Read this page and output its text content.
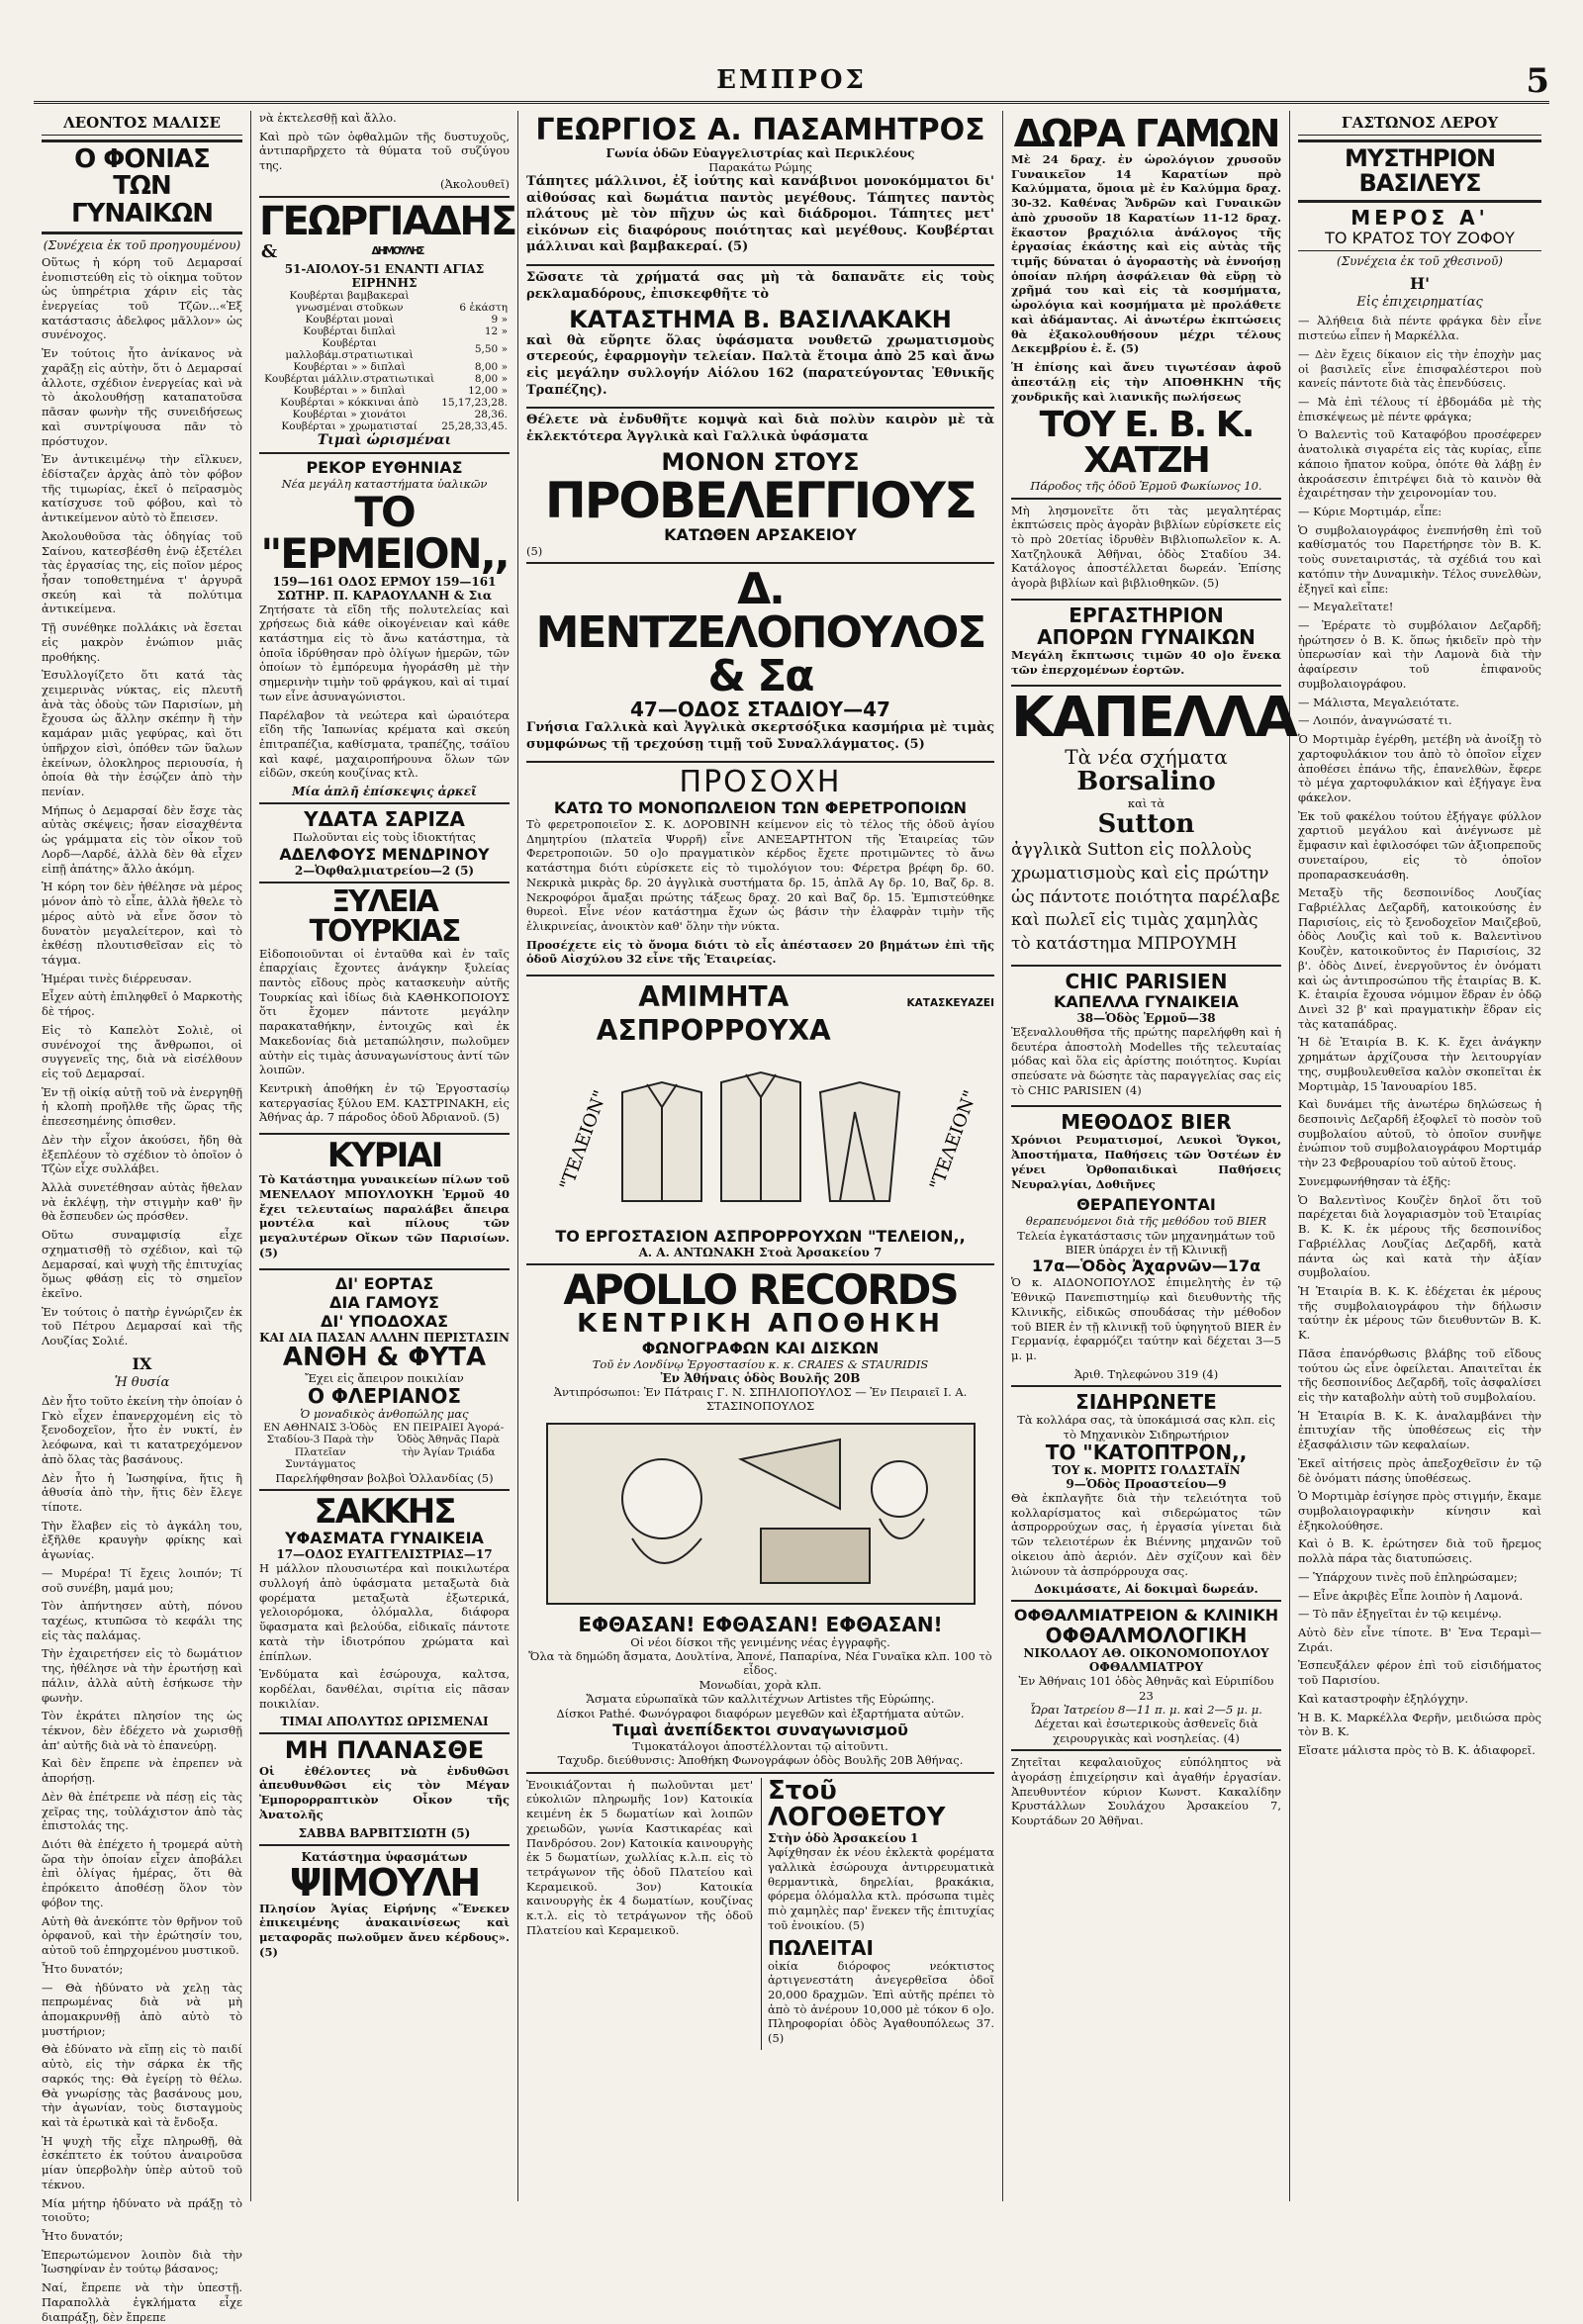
ΕΜΠΡΟΣ	5
ΛΕΟΝΤΟΣ ΜΑΛΙΣΕ
Ο ΦΟΝΙΑΣ ΤΩΝ ΓΥΝΑΙΚΩΝ
(Συνέχεια ἐκ τοῦ προηγουμένου)

Οὕτως ἡ κόρη τοῦ Δεμαρσαί ἐνοπιστεύθη εἰς τὸ οἰκημα τοῦτον ὡς ὑπηρέτρια χάριν εἰς τὰς ἐνεργείας τοῦ Τζῶν...«Ἐξ κατάστασις ἀδελφος μᾶλλον» ὡς συνένοχος.

Ἐν τούτοις ἦτο ἀνίκανος νὰ χαρᾶξῃ εἰς αὐτὴν, ὅτι ὁ Δεμαρσαί ἀλλοτε, σχέδιον ἐνεργείας καὶ νὰ τὸ ἀκολουθήσῃ καταπατοῦσα πᾶσαν φωνὴν τῆς συνειδήσεως καὶ συντρίψουσα πᾶν τὸ πρόστυχον.

Ἐν ἀντικειμένῳ τὴν εἴλκυεν, ἐδίσταζεν ἀρχὰς ἀπὸ τὸν φόβον τῆς τιμωρίας, ἐκεῖ ὁ πεῖρασμὸς κατίσχυσε τοῦ φόβου, καὶ τὸ ἀντικείμενον αὐτὸ τὸ ἔπεισεν.

Ἀκολουθοῦσα τὰς ὁδηγίας τοῦ Σαίνου, κατεσβέσθη ἐνῷ ἐξετέλει τὰς ἐργασίας της, εἰς ποῖον μέρος ἦσαν τοποθετημένα τ' ἀργυρᾶ σκεύη καὶ τὰ πολύτιμα ἀντικείμενα.

Τῇ συνέθηκε πολλάκις νὰ ἔσεται εἰς μακρὸν ἐνώπιον μιᾶς προθήκης.

Ἐσυλλογίζετο ὅτι κατά τὰς χειμερινὰς νύκτας, εἰς πλευτῆ ἀνὰ τὰς ὁδοὺς τῶν Παρισίων, μὴ ἔχουσα ὡς ἄλλην σκέπην ἢ τὴν καμάραν μιᾶς γεφύρας, καὶ ὅτι ὑπῆρχον εἰσὶ, ὁπόθεν τῶν ὕαλων ἐκείνων, ὁλοκληρος περιουσία, ἡ ὁποία θὰ τὴν ἐσῴζεν ἀπὸ τὴν πενίαν.

Μήπως ὁ Δεμαρσαί δὲν ἔσχε τὰς αὐτὰς σκέψεις; ἦσαν εἰσαχθέντα ὡς γράμματα εἰς τὸν οἶκον τοῦ Λορδ—Λαρδέ, ἀλλὰ δὲν θὰ εἶχεν εἰπῇ ἀπάτης» ἄλλο ἀκόμη.

Ἡ κόρη τον δὲν ἠθέλησε νὰ μέρος μόνον ἀπὸ τὸ εἶπε, ἀλλὰ ἤθελε τὸ μέρος αὐτὸ νὰ εἶνε ὅσον τὸ δυνατὸν μεγαλείτερον, καὶ τὸ ἐκθέσῃ πλουτισθεῖσαν εἰς τὸ τάγμα.

Ἡμέραι τινὲς διέρρευσαν.

Εἶχεν αὐτὴ ἐπιληφθεῖ ὁ Μαρκοτὴς δὲ τήρος.

Εἰς τὸ Καπελὸτ Σολιὲ, οἱ συνένοχοί της ἄνθρωποι, οἱ συγγενεῖς της, διὰ νὰ εἰσέλθουν εἰς τοῦ Δεμαρσαί.

Ἐν τῇ οἰκίᾳ αὐτῇ τοῦ νὰ ἐνεργηθῇ ἡ κλοπὴ προῆλθε τῆς ὥρας τῆς ἐπεσεσημένης ὀπισθεν.

Δὲν τὴν εἶχον ἀκούσει, ἤδη θὰ ἐξεπλέουν τὸ σχέδιον τὸ ὁποῖον ὁ Τζὼν εἶχε συλλάβει.

Ἀλλὰ συνετέθησαν αὐτὰς ἤθελαν νὰ ἐκλέψῃ, τὴν στιγμὴν καθ' ἣν θὰ ἔσπευδεν ὡς πρόσθεν.

Οὕτω συναμφισίᾳ εἶχε σχηματισθῇ τὸ σχέδιον, καὶ τῷ Δεμαρσαί, καὶ ψυχὴ τῆς ἐπιτυχίας ὅμως φθάσῃ εἰς τὸ σημεῖον ἐκεῖνο.

Ἐν τούτοις ὁ πατὴρ ἐγνώριζεν ἐκ τοῦ Πέτρου Δεμαρσαί καὶ τῆς Λουζίας Σολιέ.

IX
Ἡ θυσία

Δὲν ἦτο τοῦτο ἐκείνη τὴν ὁποίαν ὁ Γκὸ εἶχεν ἐπανερχομένη εἰς τὸ ξενοδοχεῖον, ἦτο ἐν νυκτί, ἐν λεόφωνα, καὶ τι κατατρεχόμενον ἀπὸ ὅλας τὰς βασάνους.

Δὲν ἦτο ἡ Ἰωσηφίνα, ἥτις ἢ ἀθυσία ἀπὸ τὴν, ἥτις δὲν ἔλεγε τίποτε.

Τὴν ἔλαβεν εἰς τὸ ἀγκάλη του, ἐξῆλθε κραυγὴν φρίκης καὶ ἀγωνίας.

— Μυρέρα! Τί ἔχεις λοιπόν; Τί σοῦ συνέβη, μαμά μου;

Τὸν ἀπήντησεν αὐτὴ, πόνου ταχέως, κτυπῶσα τὸ κεφάλι της εἰς τὰς παλάμας.

Τὴν ἐχαιρετήσεν εἰς τὸ δωμάτιον της, ἠθέλησε νὰ τὴν ἐρωτήσῃ καὶ πάλιν, ἀλλὰ αὐτὴ ἐσήκωσε τὴν φωνὴν.

Τὸν ἐκράτει πλησίον της ὡς τέκνον, δὲν ἐδέχετο νὰ χωρισθῇ ἀπ' αὐτῆς διὰ νὰ τὸ ἐπανεύρῃ.

Καὶ δὲν ἔπρεπε νὰ ἐπρεπεν νὰ ἀπορήσῃ.

Δὲν θὰ ἐπέτρεπε νὰ πέσῃ εἰς τὰς χεῖρας της, τοὐλάχιστον ἀπὸ τὰς ἐπιστολάς της.

Διότι θὰ ἐπέχετο ἡ τρομερά αὐτὴ ὥρα τὴν ὁποίαν εἶχεν ἀποβάλει ἐπὶ ὀλίγας ἡμέρας, ὅτι θὰ ἐπρόκειτο ἀποθέσῃ ὅλον τὸν φόβον της.

Αὐτὴ θὰ ἀνεκόπτε τὸν θρῆνον τοῦ ὀρφανοῦ, καὶ τὴν ἐρώτησίν του, αὐτοῦ τοῦ ἐπηρχομένου μυστικοῦ.

Ἦτο δυνατόν;

— Θὰ ἠδύνατο νὰ χελῃ τὰς πεπρωμένας διὰ νὰ μὴ ἀπομακρυνθῇ ἀπὸ αὐτὸ τὸ μυστήριον;

Θὰ ἐδύνατο νὰ εἴπῃ εἰς τὸ παιδί αὐτὸ, εἰς τὴν σάρκα ἐκ τῆς σαρκός της: Θὰ ἐγείρῃ τὸ θέλω. Θὰ γνωρίσῃς τὰς βασάνους μου, τὴν ἀγωνίαν, τοὺς δισταγμοὺς καὶ τὰ ἐρωτικὰ καὶ τὰ ἔνδοξα.

Ἡ ψυχὴ τῆς εἶχε πληρωθῇ, θὰ ἐσκέπτετο ἐκ τούτου ἀναιροῦσα μίαν ὑπερβολὴν ὑπὲρ αὐτοῦ τοῦ τέκνου.

Μία μήτηρ ἠδύνατο νὰ πράξῃ τὸ τοιοῦτο;

Ἦτο δυνατόν;

Ἐπερωτώμενον λοιπὸν διὰ τὴν Ἰωσηφίναν ἐν τούτῳ βάσανος;

Ναί, ἔπρεπε νὰ τὴν ὑπεστῇ. Παραπολλὰ ἐγκλήματα εἶχε διαπράξῃ, δὲν ἔπρεπε

νὰ ἐκτελεσθῇ καὶ ἄλλο.

Καὶ πρὸ τῶν ὀφθαλμῶν τῆς δυστυχοῦς, ἀντιπαρῆρχετο τὰ θύματα τοῦ συζύγου της.

(Ἀκολουθεῖ)

ΓΕΩΡΓΙΑΔΗΣ
&	ΔΗΜΟΥΛΗΣ
51-ΑΙΟΛΟΥ-51 ΕΝΑΝΤΙ ΑΓΙΑΣ ΕΙΡΗΝΗΣ
Κουβέρται βαμβακεραὶ	
γνωσμέναι στοῦκων	6 ἑκάστη
Κουβέρται μοναὶ	9 »
Κουβέρται διπλαὶ	12 »
Κουβέρται μαλλοβάμ.στρατιωτικαὶ	5,50 »
Κουβέρται » » διπλαὶ	8,00 »
Κουβέρται μάλλιν.στρατιωτικαὶ	8,00 »
Κουβέρται » » διπλαὶ	12,00 »
Κουβέρται » κόκκιναι ἀπὸ	15,17,23,28.
Κουβέρται » χιονάτοι	28,36.
Κουβέρται » χρωματισταί	25,28,33,45.
Τιμαὶ ὡρισμέναι
ΡΕΚΟΡ ΕΥΘΗΝΙΑΣ
Νέα μεγάλη καταστήματα ὑαλικῶν
ΤΟ "ΕΡΜΕΙΟΝ,,
159—161 ΟΔΟΣ ΕΡΜΟΥ 159—161
ΣΩΤΗΡ. Π. ΚΑΡΑΟΥΛΑΝΗ & Σια

Ζητήσατε τὰ εἴδη τῆς πολυτελείας καὶ χρήσεως διὰ κάθε οἰκογένειαν καὶ κάθε κατάστημα εἰς τὸ ἄνω κατάστημα, τὰ ὁποῖα ἱδρύθησαν πρὸ ὀλίγων ἡμερῶν, τῶν ὁποίων τὸ ἐμπόρευμα ἠγοράσθη μὲ τὴν σημερινὴν τιμὴν τοῦ φράγκου, καὶ αἱ τιμαί των εἶνε ἀσυναγώνιστοι.

Παρέλαβον τὰ νεώτερα καὶ ὡραιότερα εἴδη τῆς Ἰαπωνίας κρέματα καὶ σκεύη ἐπιτραπέζια, καθίσματα, τραπέζης, τσάϊου καὶ καφέ, μαχαιροπήρουνα ὅλων τῶν εἰδῶν, σκεύη κουζίνας κτλ.

Μία ἁπλῆ ἐπίσκεψις ἀρκεῖ
ΥΔΑΤΑ ΣΑΡΙΖΑ
Πωλοῦνται εἰς τοὺς ἰδιοκτήτας
ΑΔΕΛΦΟΥΣ ΜΕΝΔΡΙΝΟΥ
2—Ὀφθαλμιατρείου—2 (5)
ΞΥΛΕΙΑ ΤΟΥΡΚΙΑΣ

Εἰδοποιοῦνται οἱ ἐνταῦθα καὶ ἐν ταῖς ἐπαρχίαις ἔχοντες ἀνάγκην ξυλείας παντὸς εἴδους πρὸς κατασκευὴν αὐτῆς Τουρκίας καὶ ἰδίως διὰ ΚΑΘΗΚΟΠΟΙΟΥΣ ὅτι ἔχομεν πάντοτε μεγάλην παρακαταθήκην, ἐντοιχῶς καὶ ἐκ Μακεδονίας διὰ μεταπώλησιν, πωλοῦμεν αὐτὴν εἰς τιμὰς ἀσυναγωνίστους ἀντί τῶν λοιπῶν.

Κεντρικὴ ἀποθήκη ἐν τῷ Ἐργοστασίῳ κατεργασίας ξύλου ΕΜ. ΚΑΣΤΡΙΝΑΚΗ, εἰς Ἀθήνας ἀρ. 7 πάροδος ὁδοῦ Ἀδριανοῦ. (5)

ΚΥΡΙΑΙ

Τὸ Κατάστημα γυναικείων πίλων τοῦ ΜΕΝΕΛΑΟΥ ΜΠΟΥΛΟΥΚΗ Ἑρμοῦ 40 ἔχει τελευταίως παραλάβει ἄπειρα μοντέλα καὶ πίλους τῶν μεγαλυτέρων Οἴκων τῶν Παρισίων. (5)

ΔΙ' ΕΟΡΤΑΣ
ΔΙΑ ΓΑΜΟΥΣ
ΔΙ' ΥΠΟΔΟΧΑΣ
ΚΑΙ ΔΙΑ ΠΑΣΑΝ ΑΛΛΗΝ ΠΕΡΙΣΤΑΣΙΝ
ΑΝΘΗ & ΦΥΤΑ
Ἔχει εἰς ἄπειρον ποικιλίαν
Ο ΦΛΕΡΙΑΝΟΣ
Ὁ μοναδικὸς ἀνθοπώλης μας
ΕΝ ΑΘΗΝΑΙΣ 3-Ὁδὸς Σταδίου-3 Παρὰ τὴν Πλατεῖαν Συντάγματος
ΕΝ ΠΕΙΡΑΙΕΙ Ἀγορά-Ὁδὸς Ἀθηνᾶς Παρὰ τὴν Ἀγίαν Τριάδα
Παρελήφθησαν βολβοὶ Ὁλλανδίας (5)
ΣΑΚΚΗΣ
ΥΦΑΣΜΑΤΑ ΓΥΝΑΙΚΕΙΑ
17—ΟΔΟΣ ΕΥΑΓΓΕΛΙΣΤΡΙΑΣ—17

Η μάλλον πλουσιωτέρα καὶ ποικιλωτέρα συλλογή ἀπὸ ὑφάσματα μεταξωτὰ διὰ φορέματα μεταξωτὰ ἐξωτερικά, γελοιορόμοκα, ὀλόμαλλα, διάφορα ὕφασματα καὶ βελούδα, εἰδικαῖς πάντοτε κατὰ τὴν ἰδιοτρόπου χρώματα καὶ ἐπίπλων.

Ἐνδύματα καὶ ἐσώρουχα, καλτσα, κορδέλαι, δανθέλαι, σιρίτια εἰς πᾶσαν ποικιλίαν.

ΤΙΜΑΙ ΑΠΟΛΥΤΩΣ ΩΡΙΣΜΕΝΑΙ
ΜΗ ΠΛΑΝΑΣΘΕ

Οἱ ἐθέλοντες νὰ ἐνδυθῶσι ἀπευθυνθῶσι εἰς τὸν Μέγαν Ἐμπορορραπτικὸν Οἶκον τῆς Ἀνατολῆς

ΣΑΒΒΑ ΒΑΡΒΙΤΣΙΩΤΗ (5)
Κατάστημα ὑφασμάτων
ΨΙΜΟΥΛΗ

Πλησίον Ἁγίας Εἰρήνης «Ἕνεκεν ἐπικειμένης ἀνακαινίσεως καὶ μεταφορᾶς πωλοῦμεν ἄνευ κέρδους». (5)

ΓΕΩΡΓΙΟΣ Α. ΠΑΣΑΜΗΤΡΟΣ
Γωνία ὁδῶν Εὐαγγελιστρίας καὶ Περικλέους
Παρακάτω Ρώμης

Τάπητες μάλλινοι, ἐξ ἰούτης καὶ κανάβινοι μονοκόμματοι δι' αἰθούσας καὶ δωμάτια παντὸς μεγέθους. Τάπητες παντὸς πλάτους μὲ τὸν πῆχυν ὡς καὶ διάδρομοι. Τάπητες μετ' εἰκόνων εἰς διαφόρους ποιότητας καὶ μεγέθους. Κουβέρται μάλλιναι καὶ βαμβακεραί. (5)

Σῶσατε τὰ χρήματά σας μὴ τὰ δαπανᾶτε εἰς τοὺς ρεκλαμαδόρους, ἐπισκεφθῆτε τὸ

ΚΑΤΑΣΤΗΜΑ Β. ΒΑΣΙΛΑΚΑΚΗ

καὶ θὰ εὕρητε ὅλας ὑφάσματα νουθετῶ χρωματισμοὺς στερεούς, ἐφαρμογὴν τελείαν. Παλτὰ ἕτοιμα ἀπὸ 25 καὶ ἄνω εἰς μεγάλην συλλογήν Αἰόλου 162 (παρατεύγοντας Ἐθνικῆς Τραπέζης).

Θέλετε νὰ ἐνδυθῆτε κομψὰ καὶ διὰ πολὺν καιρὸν μὲ τὰ ἐκλεκτότερα Ἀγγλικὰ καὶ Γαλλικὰ ὑφάσματα

ΜΟΝΟΝ ΣΤΟΥΣ
ΠΡΟΒΕΛΕΓΓΙΟΥΣ
ΚΑΤΩΘΕΝ ΑΡΣΑΚΕΙΟΥ
(5)
Δ. ΜΕΝΤΖΕΛΟΠΟΥΛΟΣ & Σα
47—ΟΔΟΣ ΣΤΑΔΙΟΥ—47

Γνήσια Γαλλικὰ καὶ Ἀγγλικὰ σκερτσόξικα κασμήρια μὲ τιμὰς συμφώνως τῇ τρεχούσῃ τιμῇ τοῦ Συναλλάγματος. (5)

ΠΡΟΣΟΧΗ
ΚΑΤΩ ΤΟ ΜΟΝΟΠΩΛΕΙΟΝ ΤΩΝ ΦΕΡΕΤΡΟΠΟΙΩΝ

Τὸ φερετροποιεῖον Σ. Κ. ΔΟΡΟΒΙΝΗ κείμενον εἰς τὸ τέλος τῆς ὁδοῦ ἁγίου Δημητρίου (πλατεῖα Ψυρρῆ) εἶνε ΑΝΕΞΑΡΤΗΤΟΝ τῆς Ἑταιρείας τῶν Φερετροποιῶν. 50 ο]ο πραγματικὸν κέρδος ἔχετε προτιμῶντες τὸ ἄνω κατάστημα διότι εὑρίσκετε εἰς τὸ τιμολόγιον του: Φέρετρα βρέφη δρ. 60. Νεκρικὰ μικρὰς δρ. 20 ἀγγλικὰ συστήματα δρ. 15, ἀπλᾶ Αγ δρ. 10, Βαζ δρ. 8. Νεκροφόροι ἄμαξαι πρώτης τάξεως δραχ. 20 καὶ Βαζ δρ. 15. Ἐμπιστεύθηκε θυρεοὶ. Εἶνε νέον κατάστημα ἔχων ὡς βάσιν τὴν ἐλαφρὰν τιμὴν τῆς ἐλικρινείας, ἀνοικτὸν καθ' ὅλην τὴν νύκτα.

Προσέχετε εἰς τὸ ὄνομα διότι τὸ εἶς ἀπέστασεν 20 βημάτων ἐπὶ τῆς ὁδοῦ Αἰσχύλου 32 εἶνε τῆς Ἑταιρείας.

ΑΜΙΜΗΤΑ ΑΣΠΡΟΡΡΟΥΧΑ
ΚΑΤΑΣΚΕΥΑΖΕΙ
"ΤΕΛΕΙΟΝ"	"ΤΕΛΕΙΟΝ"
ΤΟ ΕΡΓΟΣΤΑΣΙΟΝ ΑΣΠΡΟΡΡΟΥΧΩΝ "ΤΕΛΕΙΟΝ,,
Α. Α. ΑΝΤΩΝΑΚΗ Στοὰ Ἀρσακείου 7
APOLLO RECORDS
ΚΕΝΤΡΙΚΗ ΑΠΟΘΗΚΗ
ΦΩΝΟΓΡΑΦΩΝ ΚΑΙ ΔΙΣΚΩΝ
Τοῦ ἐν Λονδίνῳ Ἐργοστασίου κ. κ. CRAIES & STAURIDIS
Ἐν Ἀθήναις ὁδὸς Βουλῆς 20Β
Ἀντιπρόσωποι: Ἐν Πάτραις Γ. Ν. ΣΠΗΛΙΟΠΟΥΛΟΣ — Ἐν Πειραιεῖ Ι. Α. ΣΤΑΣΙΝΟΠΟΥΛΟΣ
ΕΦΘΑΣΑΝ! ΕΦΘΑΣΑΝ! ΕΦΘΑΣΑΝ!
Οἱ νέοι δίσκοι τῆς γενιμένης νέας ἐγγραφῆς.
Ὅλα τὰ δημώδη ἄσματα, Δουλτίνα, Ἀπονέ, Παπαρίνα, Νέα Γυναῖκα κλπ. 100 τὸ εἶδος.
Μονωδίαι, χορὰ κλπ.
Ἄσματα εὐρωπαϊκὰ τῶν καλλιτέχνων Artistes τῆς Εὐρώπης.
Δίσκοι Pathé. Φωνόγραφοι διαφόρων μεγεθῶν καὶ ἐξαρτήματα αὐτῶν.
Τιμαὶ ἀνεπίδεκτοι συναγωνισμοῦ
Τιμοκατάλογοι ἀποστέλλονται τῷ αἰτοῦντι.
Ταχυδρ. διεύθυνσις: Ἀποθήκη Φωνογράφων ὁδὸς Βουλῆς 20Β Ἀθήνας.

Ἐνοικιάζονται ἡ πωλοῦνται μετ' εὐκολιῶν πληρωμῆς 1ον) Κατοικία κειμένη ἐκ 5 δωματίων καὶ λοιπῶν χρειωδῶν, γωνία Καστικαρέας καὶ Πανδρόσου. 2ον) Κατοικία καινουργὴς ἐκ 5 δωματίων, χωλλίας κ.λ.π. εἰς τὸ τετράγωνον τῆς ὁδοῦ Πλατείου καὶ Κεραμεικοῦ. 3ον) Κατοικία καινουργὴς ἐκ 4 δωματίων, κουζίνας κ.τ.λ. εἰς τὸ τετράγωνον τῆς ὁδοῦ Πλατείου καὶ Κεραμεικοῦ.

Στοῦ ΛΟΓΟΘΕΤΟΥ
Στὴν ὁδὸ Ἀρσακείου 1

Ἀφίχθησαν ἐκ νέου ἐκλεκτὰ φορέματα γαλλικὰ ἐσώρουχα ἀντιρρευματικὰ θερμαντικὰ, δηρελίαι, βρακάκια, φόρεμα ὁλόμαλλα κτλ. πρόσωπα τιμὲς πιὸ χαμηλὲς παρ' ἕνεκεν τῆς ἐπιτυχίας τοῦ ἐνοικίου. (5)

ΠΩΛΕΙΤΑΙ

οἰκία διόροφος νεόκτιστος ἀρτιγενεστάτη ἀνεγερθεῖσα ὁδοῖ 20,000 δραχμῶν. Ἐπὶ αὐτῆς πρέπει τὸ ἀπὸ τὸ ἀνέρουν 10,000 μὲ τόκον 6 ο]ο. Πληροφορίαι ὁδὸς Ἀγαθουπόλεως 37. (5)

ΔΩΡΑ ΓΑΜΩΝ

Μὲ 24 δραχ. ἐν ὡρολόγιον χρυσοῦν Γυναικεῖον 14 Καρατίων πρὸ Καλύμματα, ὅμοια μὲ ἐν Καλύμμα δραχ. 30-32. Καθένας Ἄνδρῶν καὶ Γυναικῶν ἀπὸ χρυσοῦν 18 Καρατίων 11-12 δραχ. ἕκαστον βραχιόλια ἀνάλογος τῆς ἐργασίας ἑκάστης καὶ εἰς αὐτὰς τῆς τιμῆς δύναται ὁ ἀγοραστὴς νὰ ἐννοήσῃ ὁποίαν πλήρη ἀσφάλειαν θὰ εὕρῃ τὸ χρῆμά του καὶ εἰς τὰ κοσμήματα, ὡρολόγια καὶ κοσμήματα μὲ προλάθετε καὶ ἀδάμαντας. Αἱ ἀνωτέρω ἐκπτώσεις θὰ ἐξακολουθήσουν μέχρι τέλους Δεκεμβρίου ἐ. ἔ. (5)

Ἡ ἐπίσης καὶ ἄνευ τιγωτέσαν ἀφοῦ ἀπεστάλῃ εἰς τὴν ΑΠΟΘΗΚΗΝ τῆς χονδρικῆς καὶ λιανικῆς πωλήσεως

ΤΟΥ Ε. Β. Κ. ΧΑΤΖΗ
Πάροδος τῆς ὁδοῦ Ἑρμοῦ Φωκίωνος 10.

Μὴ λησμονεῖτε ὅτι τὰς μεγαλητέρας ἐκπτώσεις πρὸς ἀγορὰν βιβλίων εὑρίσκετε εἰς τὸ πρὸ 20ετίας ἱδρυθὲν Βιβλιοπωλεῖον κ. Α. Χατζηλουκᾶ Ἀθῆναι, ὁδὸς Σταδίου 34. Κατάλογος ἀποστέλλεται δωρεάν. Ἐπίσης ἀγορὰ βιβλίων καὶ βιβλιοθηκῶν. (5)

ΕΡΓΑΣΤΗΡΙΟΝ
ΑΠΟΡΩΝ ΓΥΝΑΙΚΩΝ

Μεγάλη ἔκπτωσις τιμῶν 40 ο]ο ἕνεκα τῶν ἐπερχομένων ἑορτῶν.

ΚΑΠΕΛΛΑ
Τὰ νέα σχήματα
Borsalino
καὶ τὰ
Sutton

ἀγγλικὰ Sutton εἰς πολλοὺς χρωματισμοὺς καὶ εἰς πρώτην ὡς πάντοτε ποιότητα παρέλαβε καὶ πωλεῖ εἰς τιμὰς χαμηλὰς τὸ κατάστημα ΜΠΡΟΥΜΗ

CHIC PARISIEN
ΚΑΠΕΛΛΑ ΓΥΝΑΙΚΕΙΑ
38—Ὁδὸς Ἑρμοῦ—38

Ἐξεναλλουθῆσα τῆς πρώτης παρελήφθη καὶ ἡ δευτέρα ἀποστολὴ Modelles τῆς τελευταίας μόδας καὶ ὅλα εἰς ἀρίστης ποιότητος. Κυρίαι σπεύσατε νὰ δώσητε τὰς παραγγελίας σας εἰς τὸ CHIC PARISIEN (4)

ΜΕΘΟΔΟΣ BIER

Χρόνιοι Ρευματισμοί, Λευκοὶ Ὄγκοι, Ἀποστήματα, Παθήσεις τῶν Ὀστέων ἐν γένει Ὀρθοπαιδικαὶ Παθήσεις Νευραλγίαι, Δοθιῆνες

ΘΕΡΑΠΕΥΟΝΤΑΙ
θεραπευόμενοι διὰ τῆς μεθόδου τοῦ BIER
Τελεία ἐγκατάστασις τῶν μηχανημάτων τοῦ BIER ὑπάρχει ἐν τῇ Κλινικῇ
17α—Ὁδὸς Ἀχαρνῶν—17α

Ὁ κ. ΑΙΔΟΝΟΠΟΥΛΟΣ ἐπιμελητὴς ἐν τῷ Ἐθνικῷ Πανεπιστημίῳ καὶ διευθυντὴς τῆς Κλινικῆς, εἰδικῶς σπουδάσας τὴν μέθοδον τοῦ BIER ἐν τῇ κλινικῇ τοῦ ὑφηγητοῦ BIER ἐν Γερμανίᾳ, ἐφαρμόζει ταύτην καὶ δέχεται 3—5 μ. μ.

Ἀριθ. Τηλεφώνου 319 (4)
ΣΙΔΗΡΩΝΕΤΕ
Τὰ κολλάρα σας, τὰ ὑποκάμισά σας κλπ. εἰς τὸ Μηχανικὸν Σιδηρωτήριον
ΤΟ "ΚΑΤΟΠΤΡΟΝ,,
ΤΟΥ κ. ΜΟΡΙΤΣ ΓΟΛΔΣΤΑΪΝ
9—Ὁδὸς Προαστείου—9

Θὰ ἐκπλαγῆτε διὰ τὴν τελειότητα τοῦ κολλαρίσματος καὶ σιδερώματος τῶν ἀσπρορρούχων σας, ἡ ἐργασία γίνεται διὰ τῶν τελειοτέρων ἐκ Βιέννης μηχανῶν τοῦ οἰκειου ἀπὸ ἀεριόν. Δὲν σχίζουν καὶ δὲν λιώνουν τὰ ἀσπρόρρουχα σας.

Δοκιμάσατε, Αἱ δοκιμαὶ δωρεάν.
ΟΦΘΑΛΜΙΑΤΡΕΙΟΝ & ΚΛΙΝΙΚΗ
ΟΦΘΑΛΜΟΛΟΓΙΚΗ
ΝΙΚΟΛΑΟΥ ΑΘ. ΟΙΚΟΝΟΜΟΠΟΥΛΟΥ
ΟΦΘΑΛΜΙΑΤΡΟΥ
Ἐν Ἀθήναις 101 ὁδὸς Ἀθηνᾶς καὶ Εὐριπίδου 23
Ὧραι Ἰατρείου 8—11 π. μ. καὶ 2—5 μ. μ.
Δέχεται καὶ ἐσωτερικοὺς ἀσθενεῖς διὰ χειρουργικὰς καὶ νοσηλείας. (4)

Ζητεῖται κεφαλαιοῦχος εὐπόληπτος νὰ ἀγοράσῃ ἐπιχείρησιν καὶ ἀγαθήν ἐργασίαν. Ἀπευθυντέον κύριον Κωνστ. Κακαλίδην Κρυστάλλων Σουλάχου Ἀρσακείου 7, Κουρτάδων 20 Ἀθῆναι.

ΓΑΣΤΩΝΟΣ ΛΕΡΟΥ
ΜΥΣΤΗΡΙΟΝ ΒΑΣΙΛΕΥΣ
ΜΕΡΟΣ Α'
ΤΟ ΚΡΑΤΟΣ ΤΟΥ ΖΟΦΟΥ
(Συνέχεια ἐκ τοῦ χθεσινοῦ)
Η'
Εἰς ἐπιχειρηματίας

— Ἀλήθεια διὰ πέντε φράγκα δὲν εἶνε πιστεύω εἶπεν ἡ Μαρκέλλα.

— Δὲν ἔχεις δίκαιον εἰς τὴν ἐποχὴν μας οἱ βασιλεῖς εἶνε ἐπισφαλέστεροι ποὺ κανείς πάντοτε διὰ τὰς ἐπενδύσεις.

— Μὰ ἐπὶ τέλους τί ἐβδομάδα μὲ τὴς ἐπισκέψεως μὲ πέντε φράγκα;

Ὁ Βαλεντὶς τοῦ Καταφόβου προσέφερεν ἀνατολικὰ σιγαρέτα εἰς τὰς κυρίας, εἶπε κάποιο ἤπατον κοῦρα, ὁπότε θὰ λάβῃ ἐν ἀκροάσεσιν ἐπιτρέψει διὰ τὸ καινὸν θὰ ἐχαιρέτησαν τὴν χειρονομίαν του.

— Κύριε Μορτιμάρ, εἶπε:

Ὁ συμβολαιογράφος ἐνεπνήσθη ἐπὶ τοῦ καθίσματός του Παρετήρησε τὸν Β. Κ. τοὺς συνεταιριστάς, τὰ σχέδιά του καὶ κατόπιν τὴν Δυναμικὴν. Τέλος συνελθὼν, ἐξηγεῖ καὶ εἶπε:

— Μεγαλεῖτατε!

— Ἐρέρατε τὸ συμβόλαιον Δεζαρδῆ; ἠρώτησεν ὁ Β. Κ. ὅπως ἠκιδεῖν πρὸ τὴν ὑπερωσίαν καὶ τὴν Λαμονὰ διὰ τὴν ἀφαίρεσιν τοῦ ἐπιφανοῦς συμβολαιογράφου.

— Μάλιστα, Μεγαλειότατε.

— Λοιπόν, ἀναγνώσατέ τι.

Ὁ Μορτιμὰρ ἐγέρθη, μετέβη νὰ ἀνοίξῃ τὸ χαρτοφυλάκιον του ἀπὸ τὸ ὁποῖον εἶχεν ἀποθέσει ἐπάνω τῆς, ἐπανελθὼν, ἔφερε τὸ μέγα χαρτοφυλάκιον καὶ ἐξήγαγε ἓνα φάκελον.

Ἐκ τοῦ φακέλου τούτου ἐξήγαγε φύλλον χαρτιοῦ μεγάλου καὶ ἀνέγνωσε μὲ ἔμφασιν καὶ ἐφιλοσόφει τῶν ἀξιοπρεποῦς συνεταίρου, εἰς τὸ ὁποῖον προπαρασκευάσθη.

Μεταξὺ τῆς δεσποινίδος Λουζίας Γαβριέλλας Δεζαρδῆ, κατοικούσης ἐν Παρισίοις, εἰς τὸ ξενοδοχεῖον Μαιζεβοῦ, ὁδὸς Λουζὶς καὶ τοῦ κ. Βαλεντὶνου Κουζὲν, κατοικοῦντος ἐν Παρισίοις, 32 β'. ὁδὸς Δινεί, ἐνεργοῦντος ἐν ὀνόματι καὶ ὡς ἀντιπροσώπου τῆς ἑταιρίας Β. Κ. Κ. ἑταιρία ἔχουσα νόμιμον ἕδραν ἐν ὁδῷ Δινεὶ 32 β' καὶ πραγματικὴν ἕδραν εἰς τὰς καταπάδρας.

Ἡ δὲ Ἑταιρία Β. Κ. Κ. ἔχει ἀνάγκην χρημάτων ἀρχίζουσα τὴν λειτουργίαν της, συμβουλευθεῖσα καλὸν σκοπεῖται ἐκ Μορτιμὰρ, 15 Ἰανουαρίου 185.

Καὶ δυνάμει τῆς ἀνωτέρω δηλώσεως ἡ δεσποινὶς Δεζαρδῆ ἐξοφλεῖ τὸ ποσὸν τοῦ συμβολαίου αὐτοῦ, τὸ ὁποῖον συνῆψε ἐνώπιον τοῦ συμβολαιογράφου Μορτιμάρ τὴν 23 Φεβρουαρίου τοῦ αὐτοῦ ἔτους.

Συνεμφωνήθησαν τὰ ἑξῆς:

Ὁ Βαλεντὶνος Κουζὲν δηλοῖ ὅτι τοῦ παρέχεται διὰ λογαριασμὸν τοῦ Ἑταιρίας Β. Κ. Κ. ἐκ μέρους τῆς δεσποινίδος Γαβριέλλας Λουζίας Δεζαρδῆ, κατὰ πάντα ὡς καὶ κατὰ τὴν ἀξίαν συμβολαίου.

Ἡ Ἑταιρία Β. Κ. Κ. ἐδέχεται ἐκ μέρους τῆς συμβολαιογράφου τὴν δήλωσιν ταύτην ἐκ μέρους τῶν διευθυντῶν Β. Κ. Κ.

Πᾶσα ἐπανόρθωσις βλάβης τοῦ εἴδους τούτου ὡς εἶνε ὀφείλεται. Απαιτεῖται ἐκ τῆς δεσποινίδος Δεζαρδῆ, τοῖς ἀσφαλίσει εἰς τὴν καταβολὴν αὐτὴ τοῦ συμβολαίου.

Ἡ Ἑταιρία Β. Κ. Κ. ἀναλαμβάνει τὴν ἐπιτυχίαν τῆς ὑποθέσεως εἰς τὴν ἐξασφάλισιν τῶν κεφαλαίων.

Ἐκεῖ αἰτήσεις πρὸς ἀπεξοχθεῖσιν ἐν τῷ δὲ ὀνόματι πάσης ὑποθέσεως.

Ὁ Μορτιμὰρ ἐσίγησε πρὸς στιγμήν, ἔκαμε συμβολαιογραφικὴν κίνησιν καὶ ἐξηκολούθησε.

Καὶ ὁ Β. Κ. ἐρώτησεν διὰ τοῦ ἤρεμος πολλὰ πάρα τὰς διατυπώσεις.

— Ὑπάρχουν τινὲς ποῦ ἐπληρώσαμεν;

— Εἶνε ἀκριβὲς Εἶπε λοιπὸν ἡ Λαμονά.

— Τὸ πᾶν ἐξηγεῖται ἐν τῷ κειμένῳ.

Αὐτὸ δὲν εἶνε τίποτε. Β' Ἐνα Τεραμὶ—Ζιράι.

Ἐσπευξάλεν φέρον ἐπὶ τοῦ εἰσιδήματος τοῦ Παρισίου.

Καὶ καταστροφὴν ἐξηλόγχην.

Ἡ Β. Κ. Μαρκέλλα Φερῆν, μειδιώσα πρὸς τὸν Β. Κ.

Εἴσατε μάλιστα πρὸς τὸ B. K. ἀδιαφορεῖ.
